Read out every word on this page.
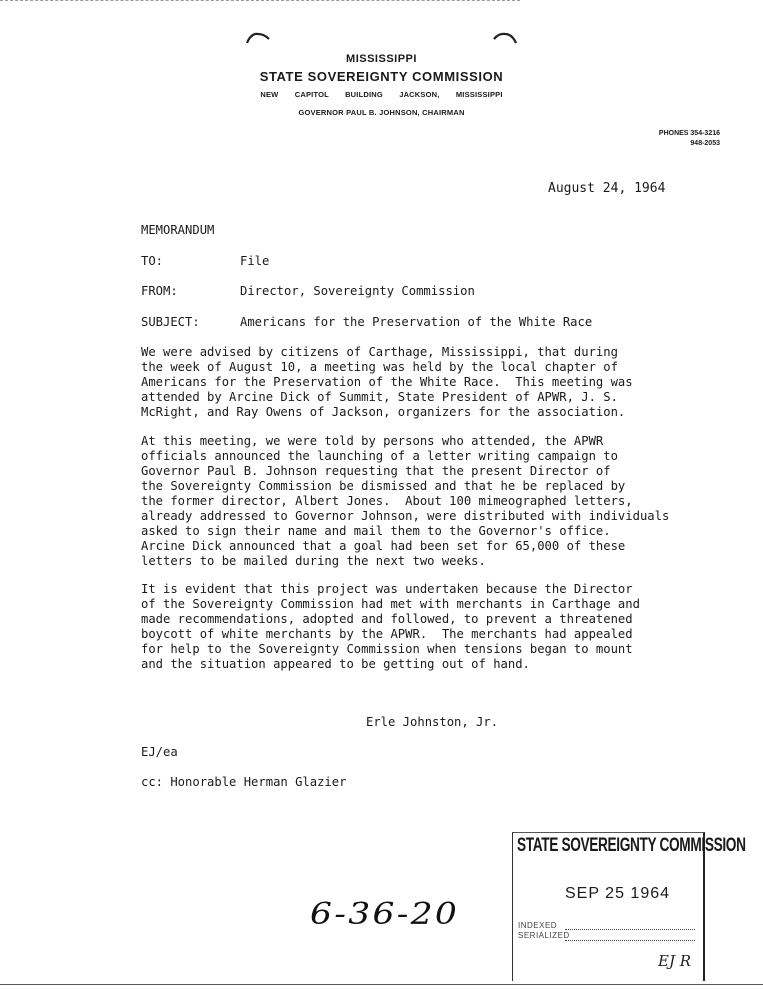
MISSISSIPPI
STATE SOVEREIGNTY COMMISSION
NEW CAPITOL BUILDING JACKSON, MISSISSIPPI
GOVERNOR PAUL B. JOHNSON, CHAIRMAN
PHONES 354-3216
948-2053
August 24, 1964
MEMORANDUM
TO:	File
FROM:	Director, Sovereignty Commission
SUBJECT:	Americans for the Preservation of the White Race
We were advised by citizens of Carthage, Mississippi, that during
the week of August 10, a meeting was held by the local chapter of
Americans for the Preservation of the White Race.  This meeting was
attended by Arcine Dick of Summit, State President of APWR, J. S.
McRight, and Ray Owens of Jackson, organizers for the association.
At this meeting, we were told by persons who attended, the APWR
officials announced the launching of a letter writing campaign to
Governor Paul B. Johnson requesting that the present Director of
the Sovereignty Commission be dismissed and that he be replaced by
the former director, Albert Jones.  About 100 mimeographed letters,
already addressed to Governor Johnson, were distributed with individuals
asked to sign their name and mail them to the Governor's office.
Arcine Dick announced that a goal had been set for 65,000 of these
letters to be mailed during the next two weeks.
It is evident that this project was undertaken because the Director
of the Sovereignty Commission had met with merchants in Carthage and
made recommendations, adopted and followed, to prevent a threatened
boycott of white merchants by the APWR.  The merchants had appealed
for help to the Sovereignty Commission when tensions began to mount
and the situation appeared to be getting out of hand.
Erle Johnston, Jr.
EJ/ea
cc: Honorable Herman Glazier
STATE SOVEREIGNTY COMMISSION
SEP 25 1964
INDEXED
SERIALIZED
6-36-20
EJ R
